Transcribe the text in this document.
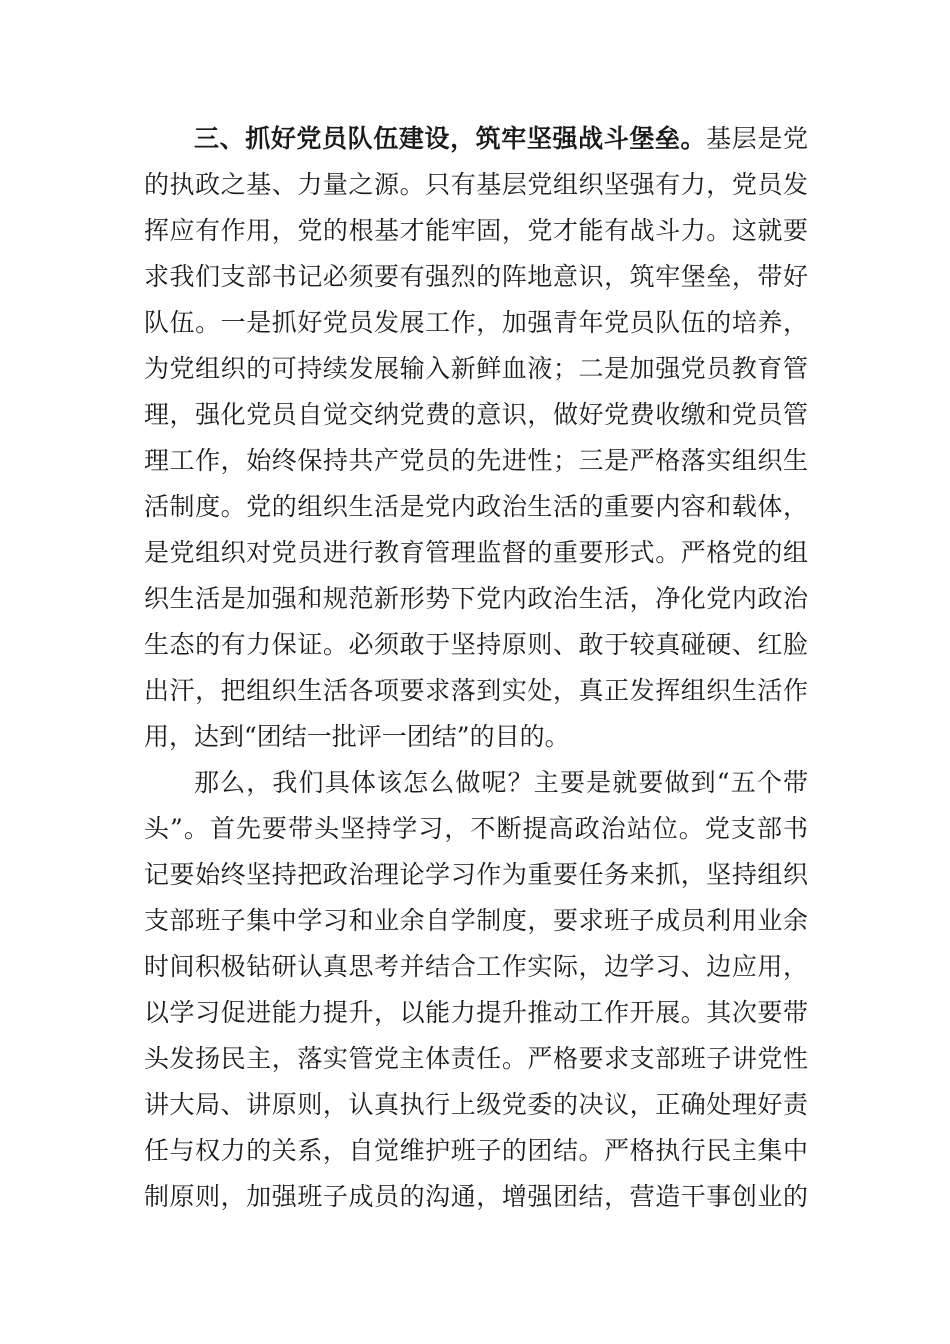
三、抓好党员队伍建设，筑牢坚强战斗堡垒。基层是党
的执政之基、力量之源。只有基层党组织坚强有力，党员发
挥应有作用，党的根基才能牢固，党才能有战斗力。这就要
求我们支部书记必须要有强烈的阵地意识，筑牢堡垒，带好
队伍。一是抓好党员发展工作，加强青年党员队伍的培养，
为党组织的可持续发展输入新鲜血液；二是加强党员教育管
理，强化党员自觉交纳党费的意识，做好党费收缴和党员管
理工作，始终保持共产党员的先进性；三是严格落实组织生
活制度。党的组织生活是党内政治生活的重要内容和载体，
是党组织对党员进行教育管理监督的重要形式。严格党的组
织生活是加强和规范新形势下党内政治生活，净化党内政治
生态的有力保证。必须敢于坚持原则、敢于较真碰硬、红脸
出汗，把组织生活各项要求落到实处，真正发挥组织生活作
用，达到“团结一批评一团结”的目的。
那么，我们具体该怎么做呢？主要是就要做到“五个带
头”。首先要带头坚持学习，不断提高政治站位。党支部书
记要始终坚持把政治理论学习作为重要任务来抓，坚持组织
支部班子集中学习和业余自学制度，要求班子成员利用业余
时间积极钻研认真思考并结合工作实际，边学习、边应用，
以学习促进能力提升，以能力提升推动工作开展。其次要带
头发扬民主，落实管党主体责任。严格要求支部班子讲党性
讲大局、讲原则，认真执行上级党委的决议，正确处理好责
任与权力的关系，自觉维护班子的团结。严格执行民主集中
制原则，加强班子成员的沟通，增强团结，营造干事创业的
